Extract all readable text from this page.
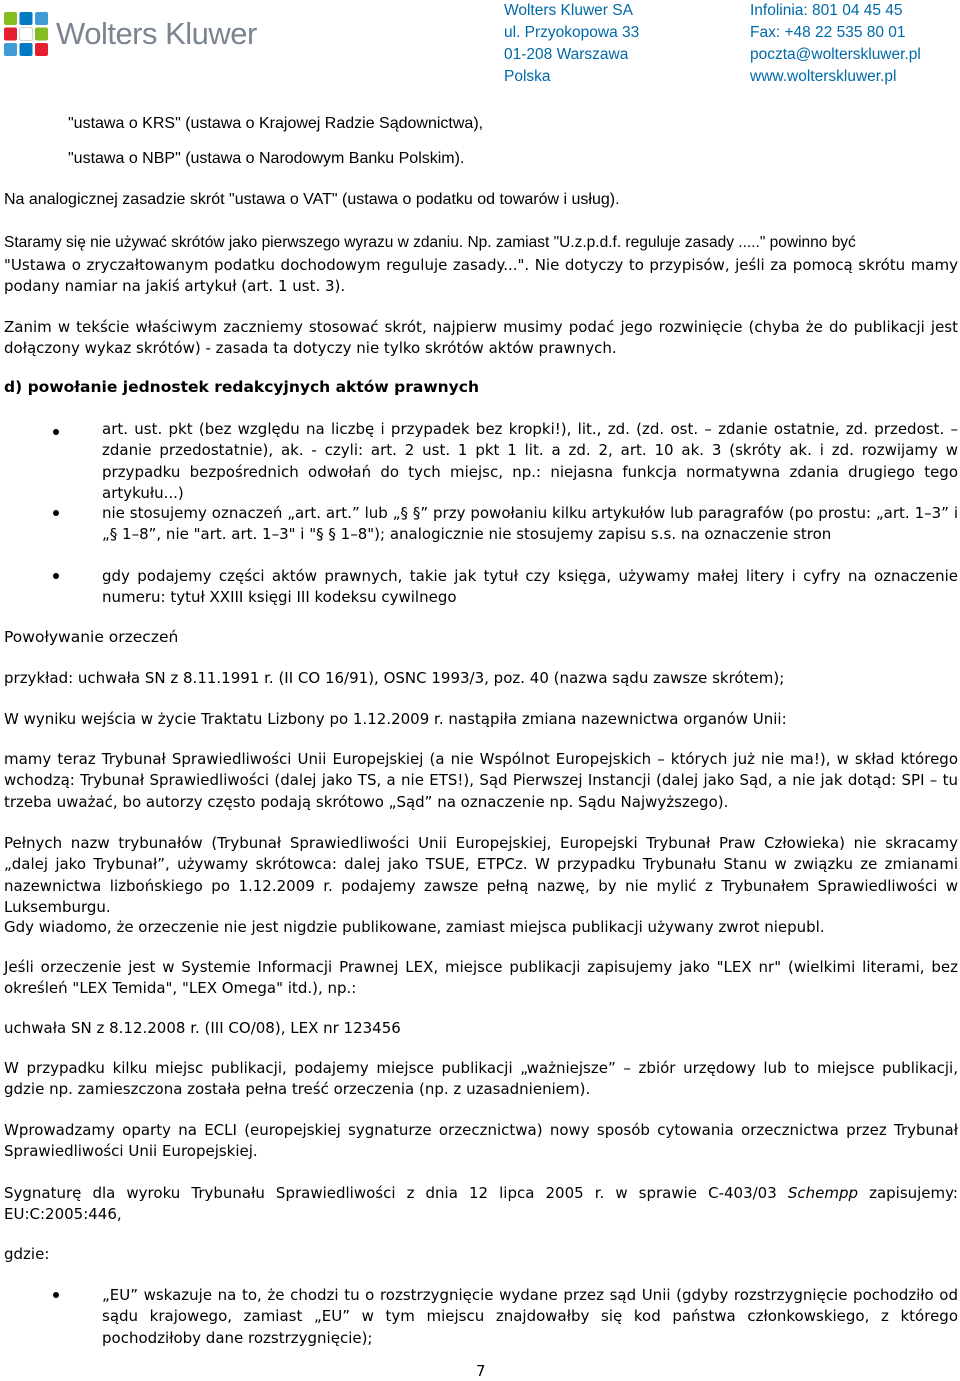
Wolters Kluwer
Wolters Kluwer SA
ul. Przyokopowa 33
01-208 Warszawa
Polska
Infolinia: 801 04 45 45
Fax: +48 22 535 80 01
poczta@wolterskluwer.pl
www.wolterskluwer.pl
"ustawa o KRS" (ustawa o Krajowej Radzie Sądownictwa),
"ustawa o NBP" (ustawa o Narodowym Banku Polskim).
Na analogicznej zasadzie skrót "ustawa o VAT" (ustawa o podatku od towarów i usług).
Staramy się nie używać skrótów jako pierwszego wyrazu w zdaniu. Np. zamiast "U.z.p.d.f. reguluje zasady ....." powinno być
"Ustawa o zryczałtowanym podatku dochodowym reguluje zasady...". Nie dotyczy to przypisów, jeśli za pomocą skrótu mamy podany namiar na jakiś artykuł (art. 1 ust. 3).
Zanim w tekście właściwym zaczniemy stosować skrót, najpierw musimy podać jego rozwinięcie (chyba że do publikacji jest dołączony wykaz skrótów) - zasada ta dotyczy nie tylko skrótów aktów prawnych.
d) powołanie jednostek redakcyjnych aktów prawnych
art. ust. pkt (bez względu na liczbę i przypadek bez kropki!), lit., zd. (zd. ost. – zdanie ostatnie, zd. przedost. – zdanie przedostatnie), ak. - czyli: art. 2 ust. 1 pkt 1 lit. a zd. 2, art. 10 ak. 3 (skróty ak. i zd. rozwijamy w przypadku bezpośrednich odwołań do tych miejsc, np.: niejasna funkcja normatywna zdania drugiego tego artykułu...)
nie stosujemy oznaczeń „art. art.” lub „§ §” przy powołaniu kilku artykułów lub paragrafów (po prostu: „art. 1–3” i „§ 1–8”, nie "art. art. 1–3" i "§ § 1–8"); analogicznie nie stosujemy zapisu s.s. na oznaczenie stron
gdy podajemy części aktów prawnych, takie jak tytuł czy księga, używamy małej litery i cyfry na oznaczenie numeru: tytuł XXIII księgi III kodeksu cywilnego
Powoływanie orzeczeń
przykład: uchwała SN z 8.11.1991 r. (II CO 16/91), OSNC 1993/3, poz. 40 (nazwa sądu zawsze skrótem);
W wyniku wejścia w życie Traktatu Lizbony po 1.12.2009 r. nastąpiła zmiana nazewnictwa organów Unii:
mamy teraz Trybunał Sprawiedliwości Unii Europejskiej (a nie Wspólnot Europejskich – których już nie ma!), w skład którego wchodzą: Trybunał Sprawiedliwości (dalej jako TS, a nie ETS!), Sąd Pierwszej Instancji (dalej jako Sąd, a nie jak dotąd: SPI – tu trzeba uważać, bo autorzy często podają skrótowo „Sąd” na oznaczenie np. Sądu Najwyższego).
Pełnych nazw trybunałów (Trybunał Sprawiedliwości Unii Europejskiej, Europejski Trybunał Praw Człowieka) nie skracamy „dalej jako Trybunał”, używamy skrótowca: dalej jako TSUE, ETPCz. W przypadku Trybunału Stanu w związku ze zmianami nazewnictwa lizbońskiego po 1.12.2009 r. podajemy zawsze pełną nazwę, by nie mylić z Trybunałem Sprawiedliwości w Luksemburgu.
Gdy wiadomo, że orzeczenie nie jest nigdzie publikowane, zamiast miejsca publikacji używany zwrot niepubl.
Jeśli orzeczenie jest w Systemie Informacji Prawnej LEX, miejsce publikacji zapisujemy jako "LEX nr" (wielkimi literami, bez określeń "LEX Temida", "LEX Omega" itd.), np.:
uchwała SN z 8.12.2008 r. (III CO/08), LEX nr 123456
W przypadku kilku miejsc publikacji, podajemy miejsce publikacji „ważniejsze” – zbiór urzędowy lub to miejsce publikacji, gdzie np. zamieszczona została pełna treść orzeczenia (np. z uzasadnieniem).
Wprowadzamy oparty na ECLI (europejskiej sygnaturze orzecznictwa) nowy sposób cytowania orzecznictwa przez Trybunał Sprawiedliwości Unii Europejskiej.
Sygnaturę dla wyroku Trybunału Sprawiedliwości z dnia 12 lipca 2005 r. w sprawie C-403/03 Schempp zapisujemy: EU:C:2005:446,
gdzie:
„EU” wskazuje na to, że chodzi tu o rozstrzygnięcie wydane przez sąd Unii (gdyby rozstrzygnięcie pochodziło od sądu krajowego, zamiast „EU” w tym miejscu znajdowałby się kod państwa członkowskiego, z którego pochodziłoby dane rozstrzygnięcie);
7
